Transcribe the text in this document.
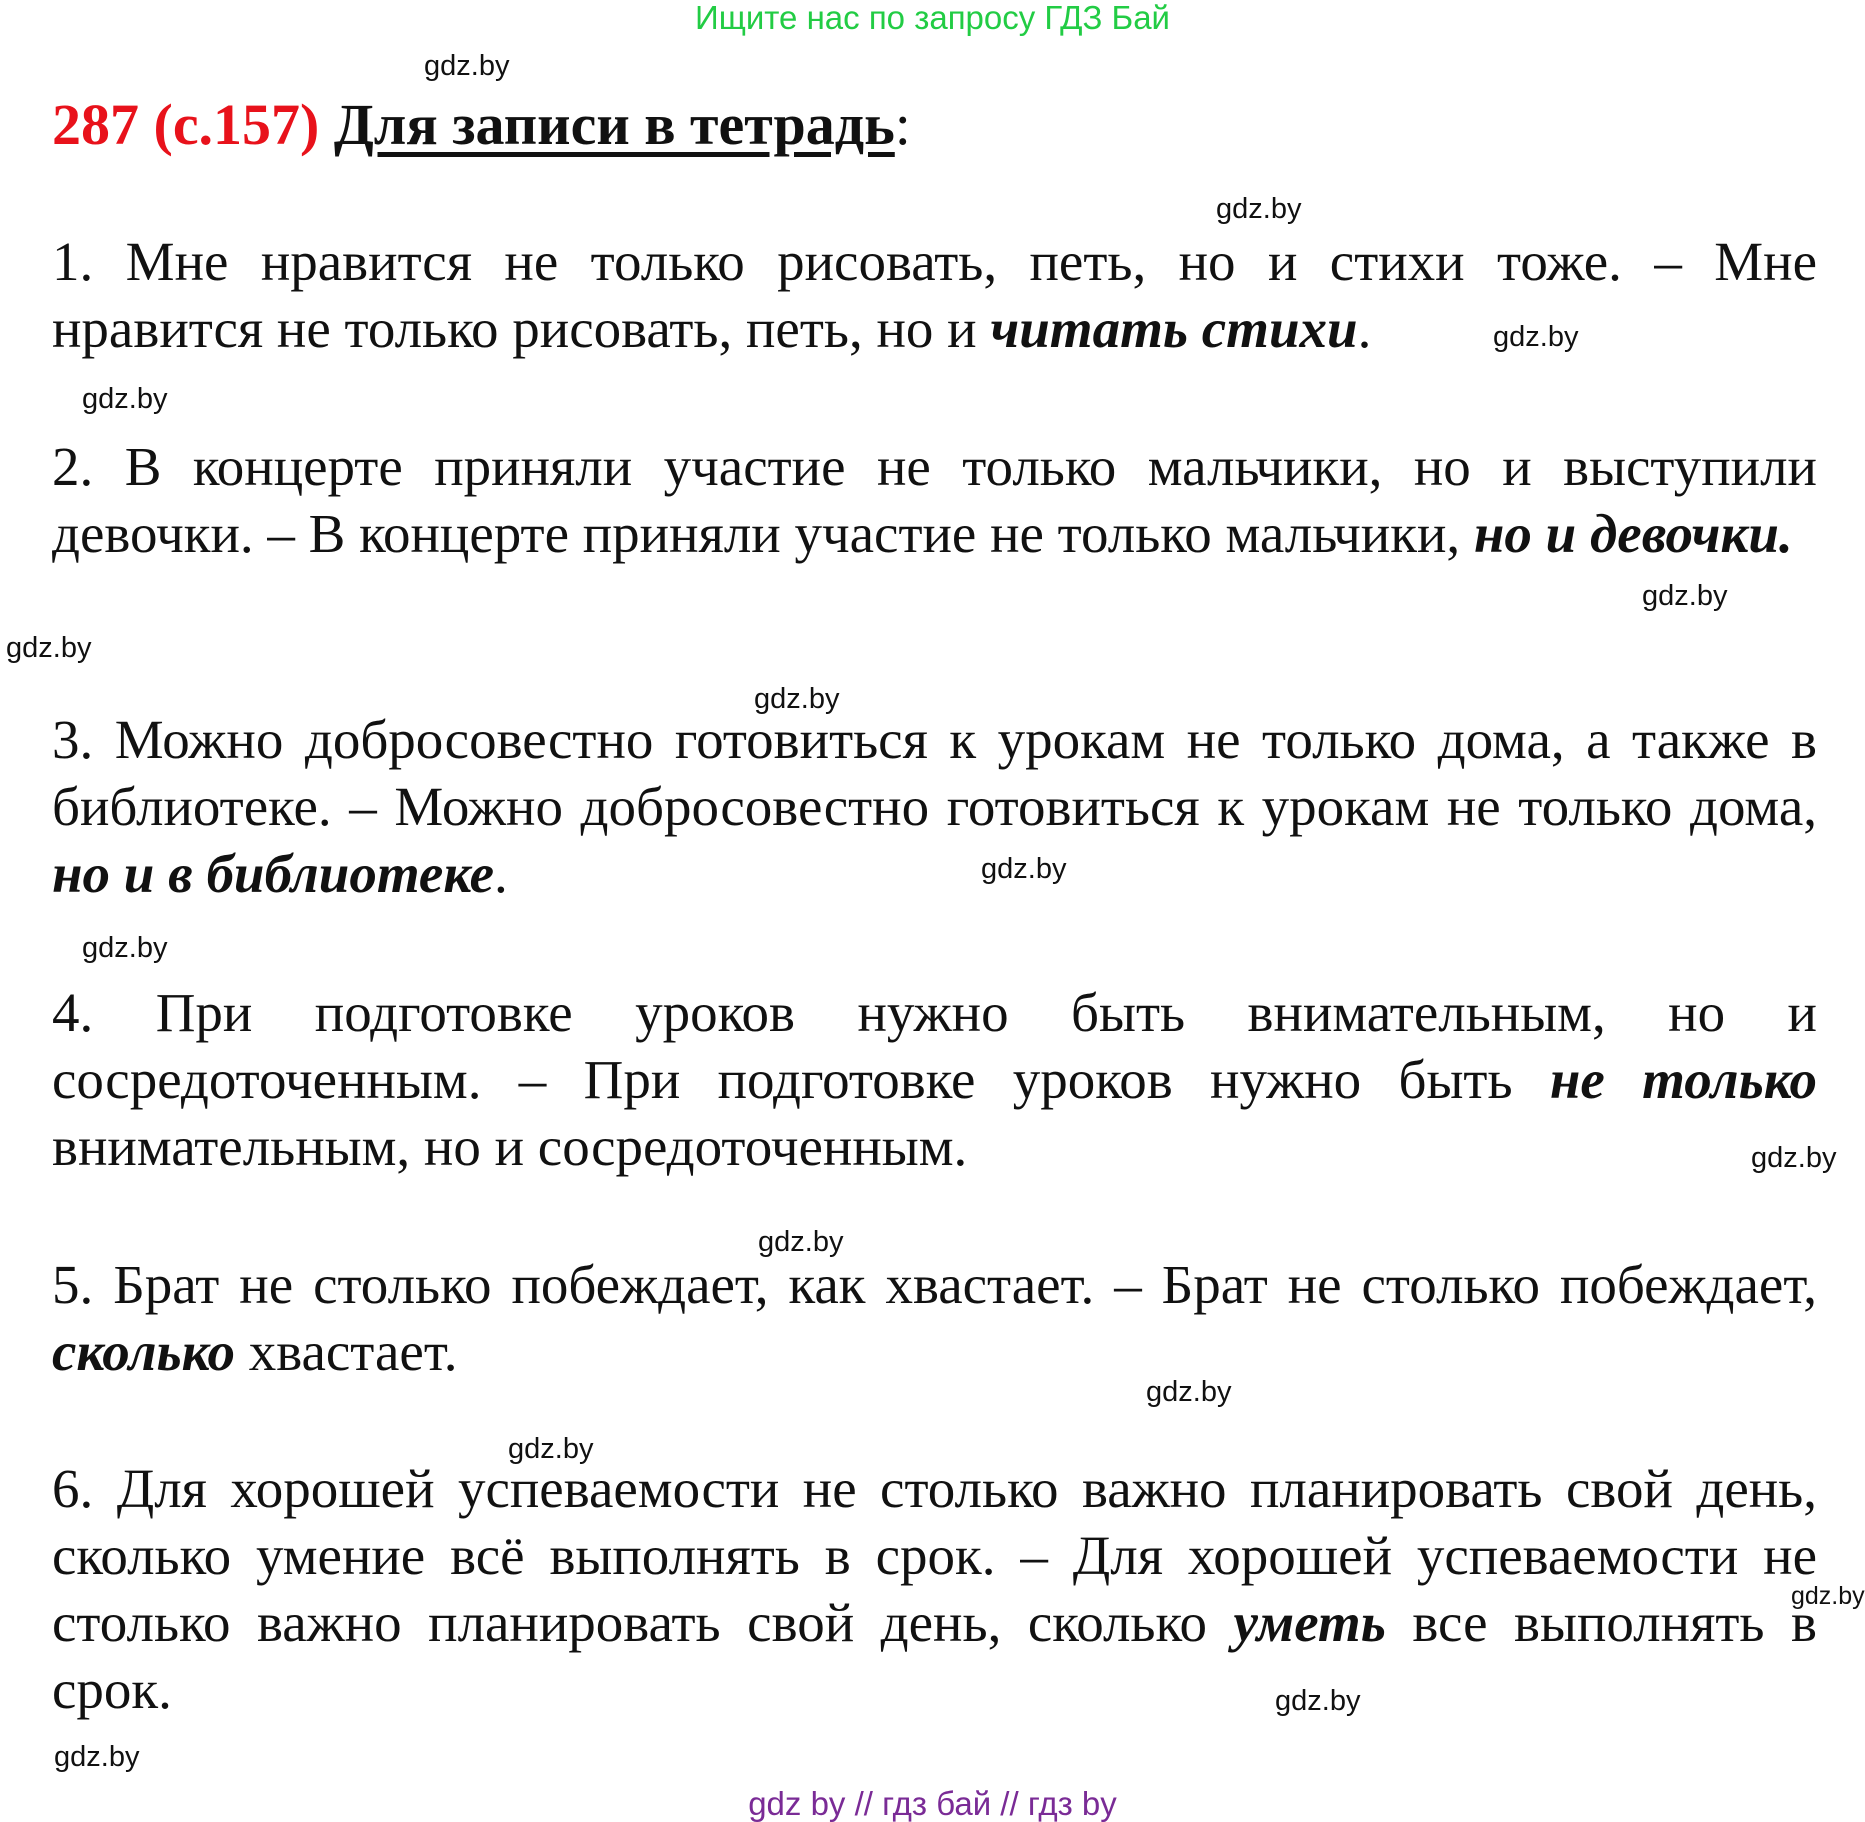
Ищите нас по запросу ГДЗ Бай
287 (с.157) Для записи в тетрадь:
1. Мне нравится не только рисовать, петь, но и стихи тоже. – Мне нравится не только рисовать, петь, но и читать стихи.
2. В концерте приняли участие не только мальчики, но и выступили девочки. – В концерте приняли участие не только мальчики, но и девочки.
3. Можно добросовестно готовиться к урокам не только дома, а также в библиотеке. – Можно добросовестно готовиться к урокам не только дома, но и в библиотеке.
4. При подготовке уроков нужно быть внимательным, но и сосредоточенным. – При подготовке уроков нужно быть не только внимательным, но и сосредоточенным.
5. Брат не столько побеждает, как хвастает. – Брат не столько побеждает, сколько хвастает.
6. Для хорошей успеваемости не столько важно планировать свой день, сколько умение всё выполнять в срок. – Для хорошей успеваемости не столько важно планировать свой день, сколько уметь все выполнять в срок.
gdz.by
gdz.by
gdz.by
gdz.by
gdz.by
gdz.by
gdz.by
gdz.by
gdz.by
gdz.by
gdz.by
gdz.by
gdz.by
gdz.by
gdz.by
gdz.by
gdz by // гдз бай // гдз by
